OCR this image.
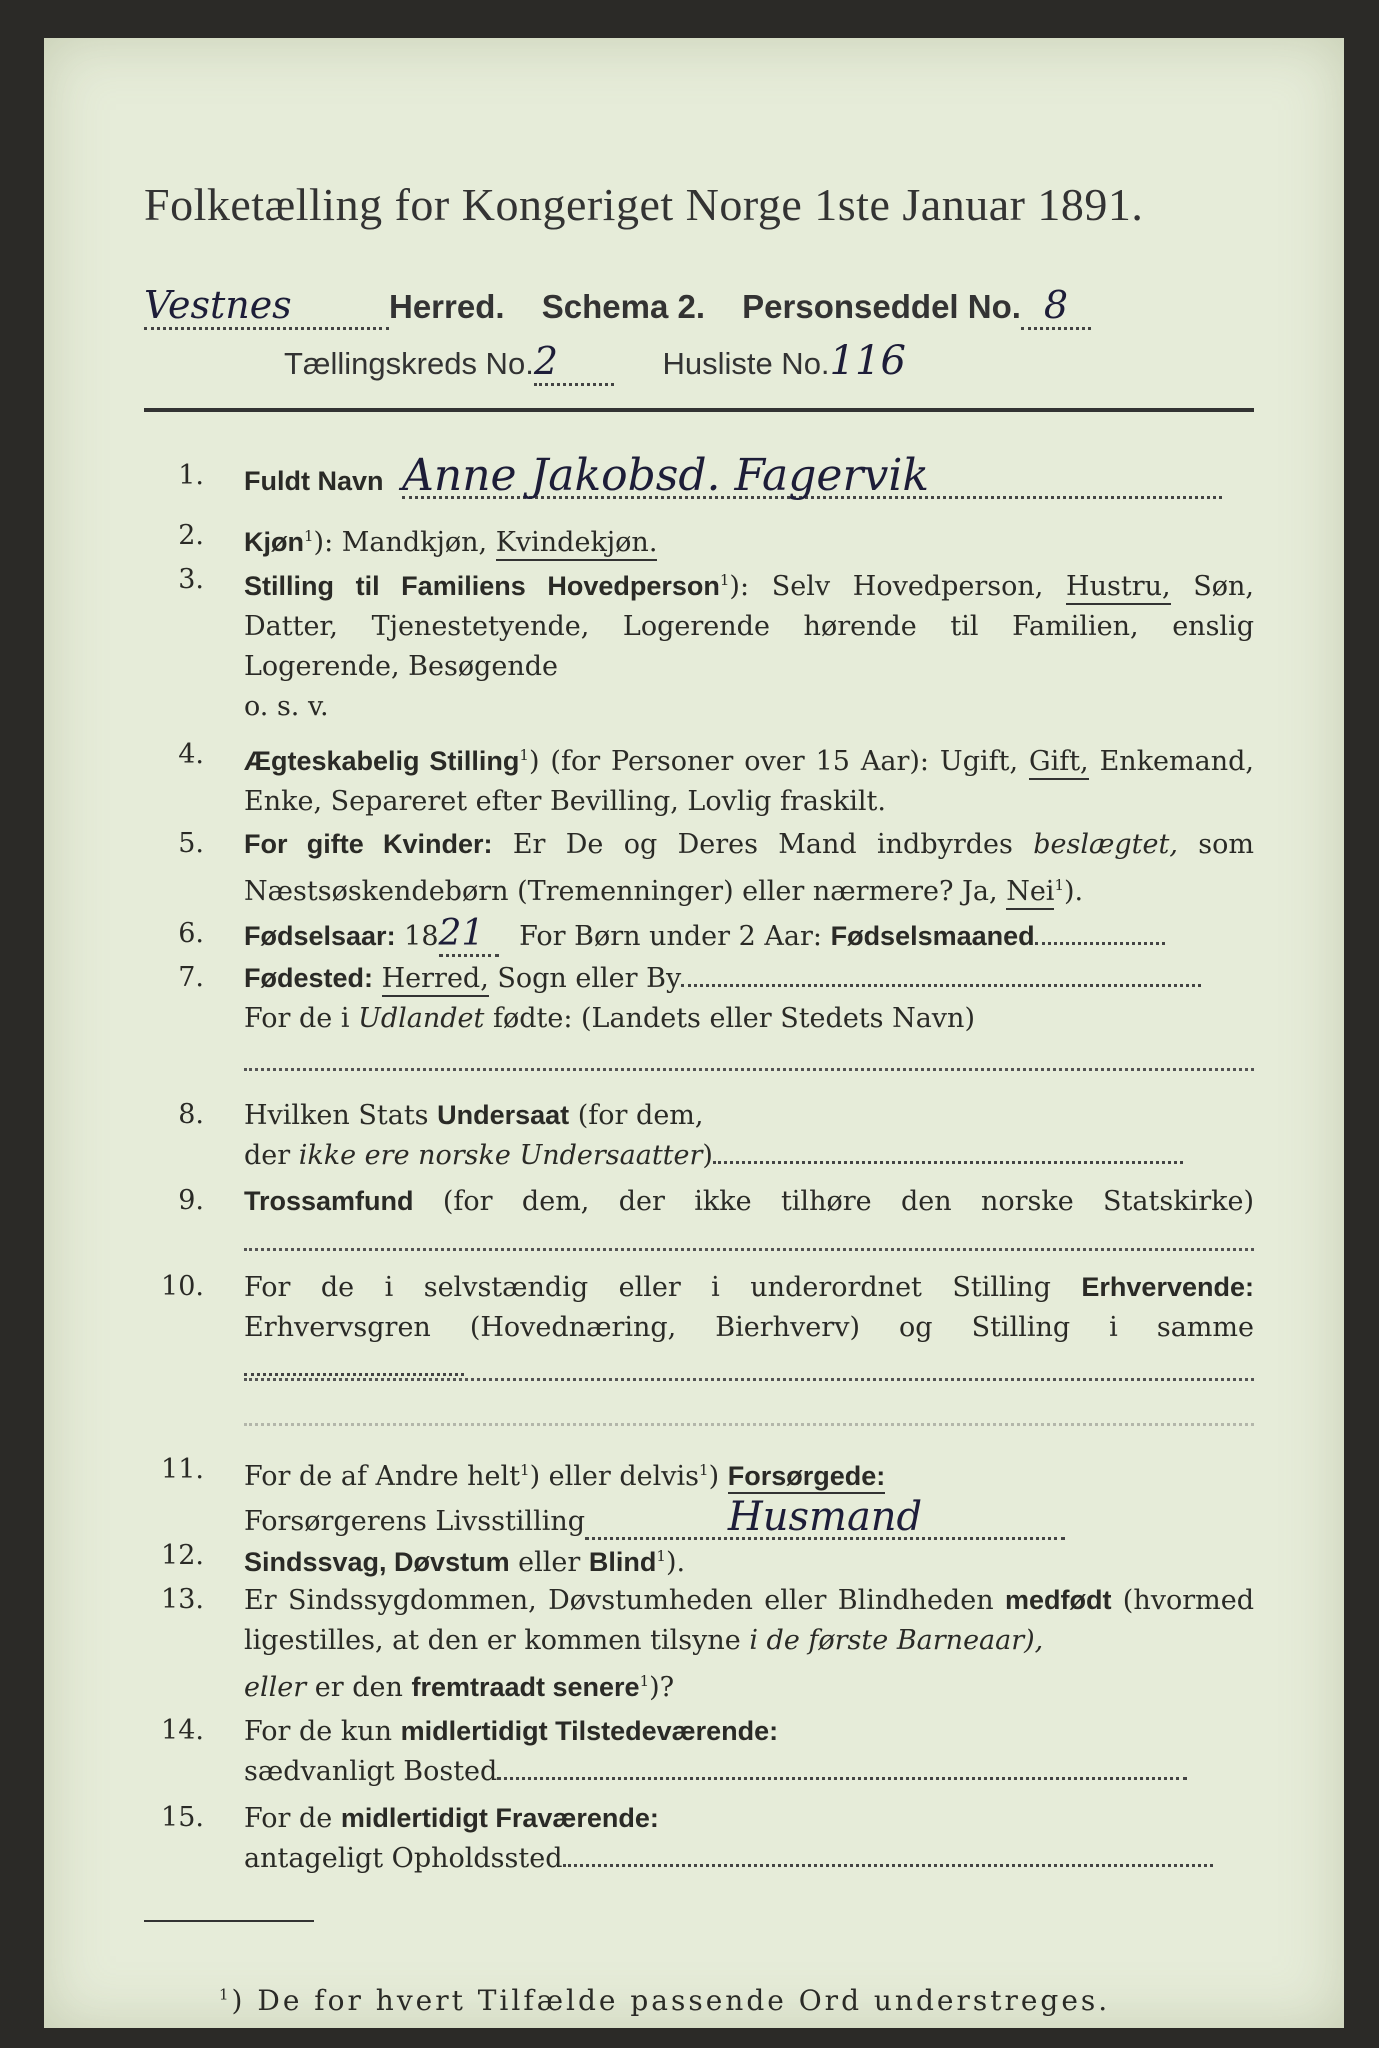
Folketælling for Kongeriget Norge 1ste Januar 1891.
Vestnes	Herred. Schema 2. Personseddel No. 8
Tællingskreds No.2	Husliste No.116
1. Fuldt Navn Anne Jakobsd. Fagervik
2. Kjøn$^1$): Mandkjøn, Kvindekjøn.
3. Stilling til Familiens Hovedperson$^1$): Selv Hovedperson, Hustru, Søn, Datter, Tjenestetyende, Logerende hørende til Familien, enslig Logerende, Besøgende
o. s. v.
4. Ægteskabelig Stilling$^1$) (for Personer over 15 Aar): Ugift, Gift, Enkemand, Enke, Separeret efter Bevilling, Lovlig fraskilt.
5. For gifte Kvinder: Er De og Deres Mand indbyrdes beslægtet, som Næstsøskendebørn (Tremenninger) eller nærmere? Ja, Nei$^1$).
6. Fødselsaar: 1821 For Børn under 2 Aar: Fødselsmaaned
7. Fødested: Herred, Sogn eller By
For de i Udlandet fødte: (Landets eller Stedets Navn)
8. Hvilken Stats Undersaat (for dem,
der ikke ere norske Undersaatter)
9. Trossamfund (for dem, der ikke tilhøre den norske Statskirke)
10. For de i selvstændig eller i underordnet Stilling Erhvervende: Erhvervsgren (Hovednæring, Bierhverv) og Stilling i samme
11. For de af Andre helt$^1$) eller delvis$^1$) Forsørgede:
Forsørgerens Livsstilling	Husmand
12. Sindssvag, Døvstum eller Blind$^1$).
13. Er Sindssygdommen, Døvstumheden eller Blindheden medfødt (hvormed ligestilles, at den er kommen tilsyne i de første Barneaar),
eller er den fremtraadt senere$^1$)?
14. For de kun midlertidigt Tilstedeværende:
sædvanligt Bosted
15. For de midlertidigt Fraværende:
antageligt Opholdssted
$^1$) De for hvert Tilfælde passende Ord understreges.
